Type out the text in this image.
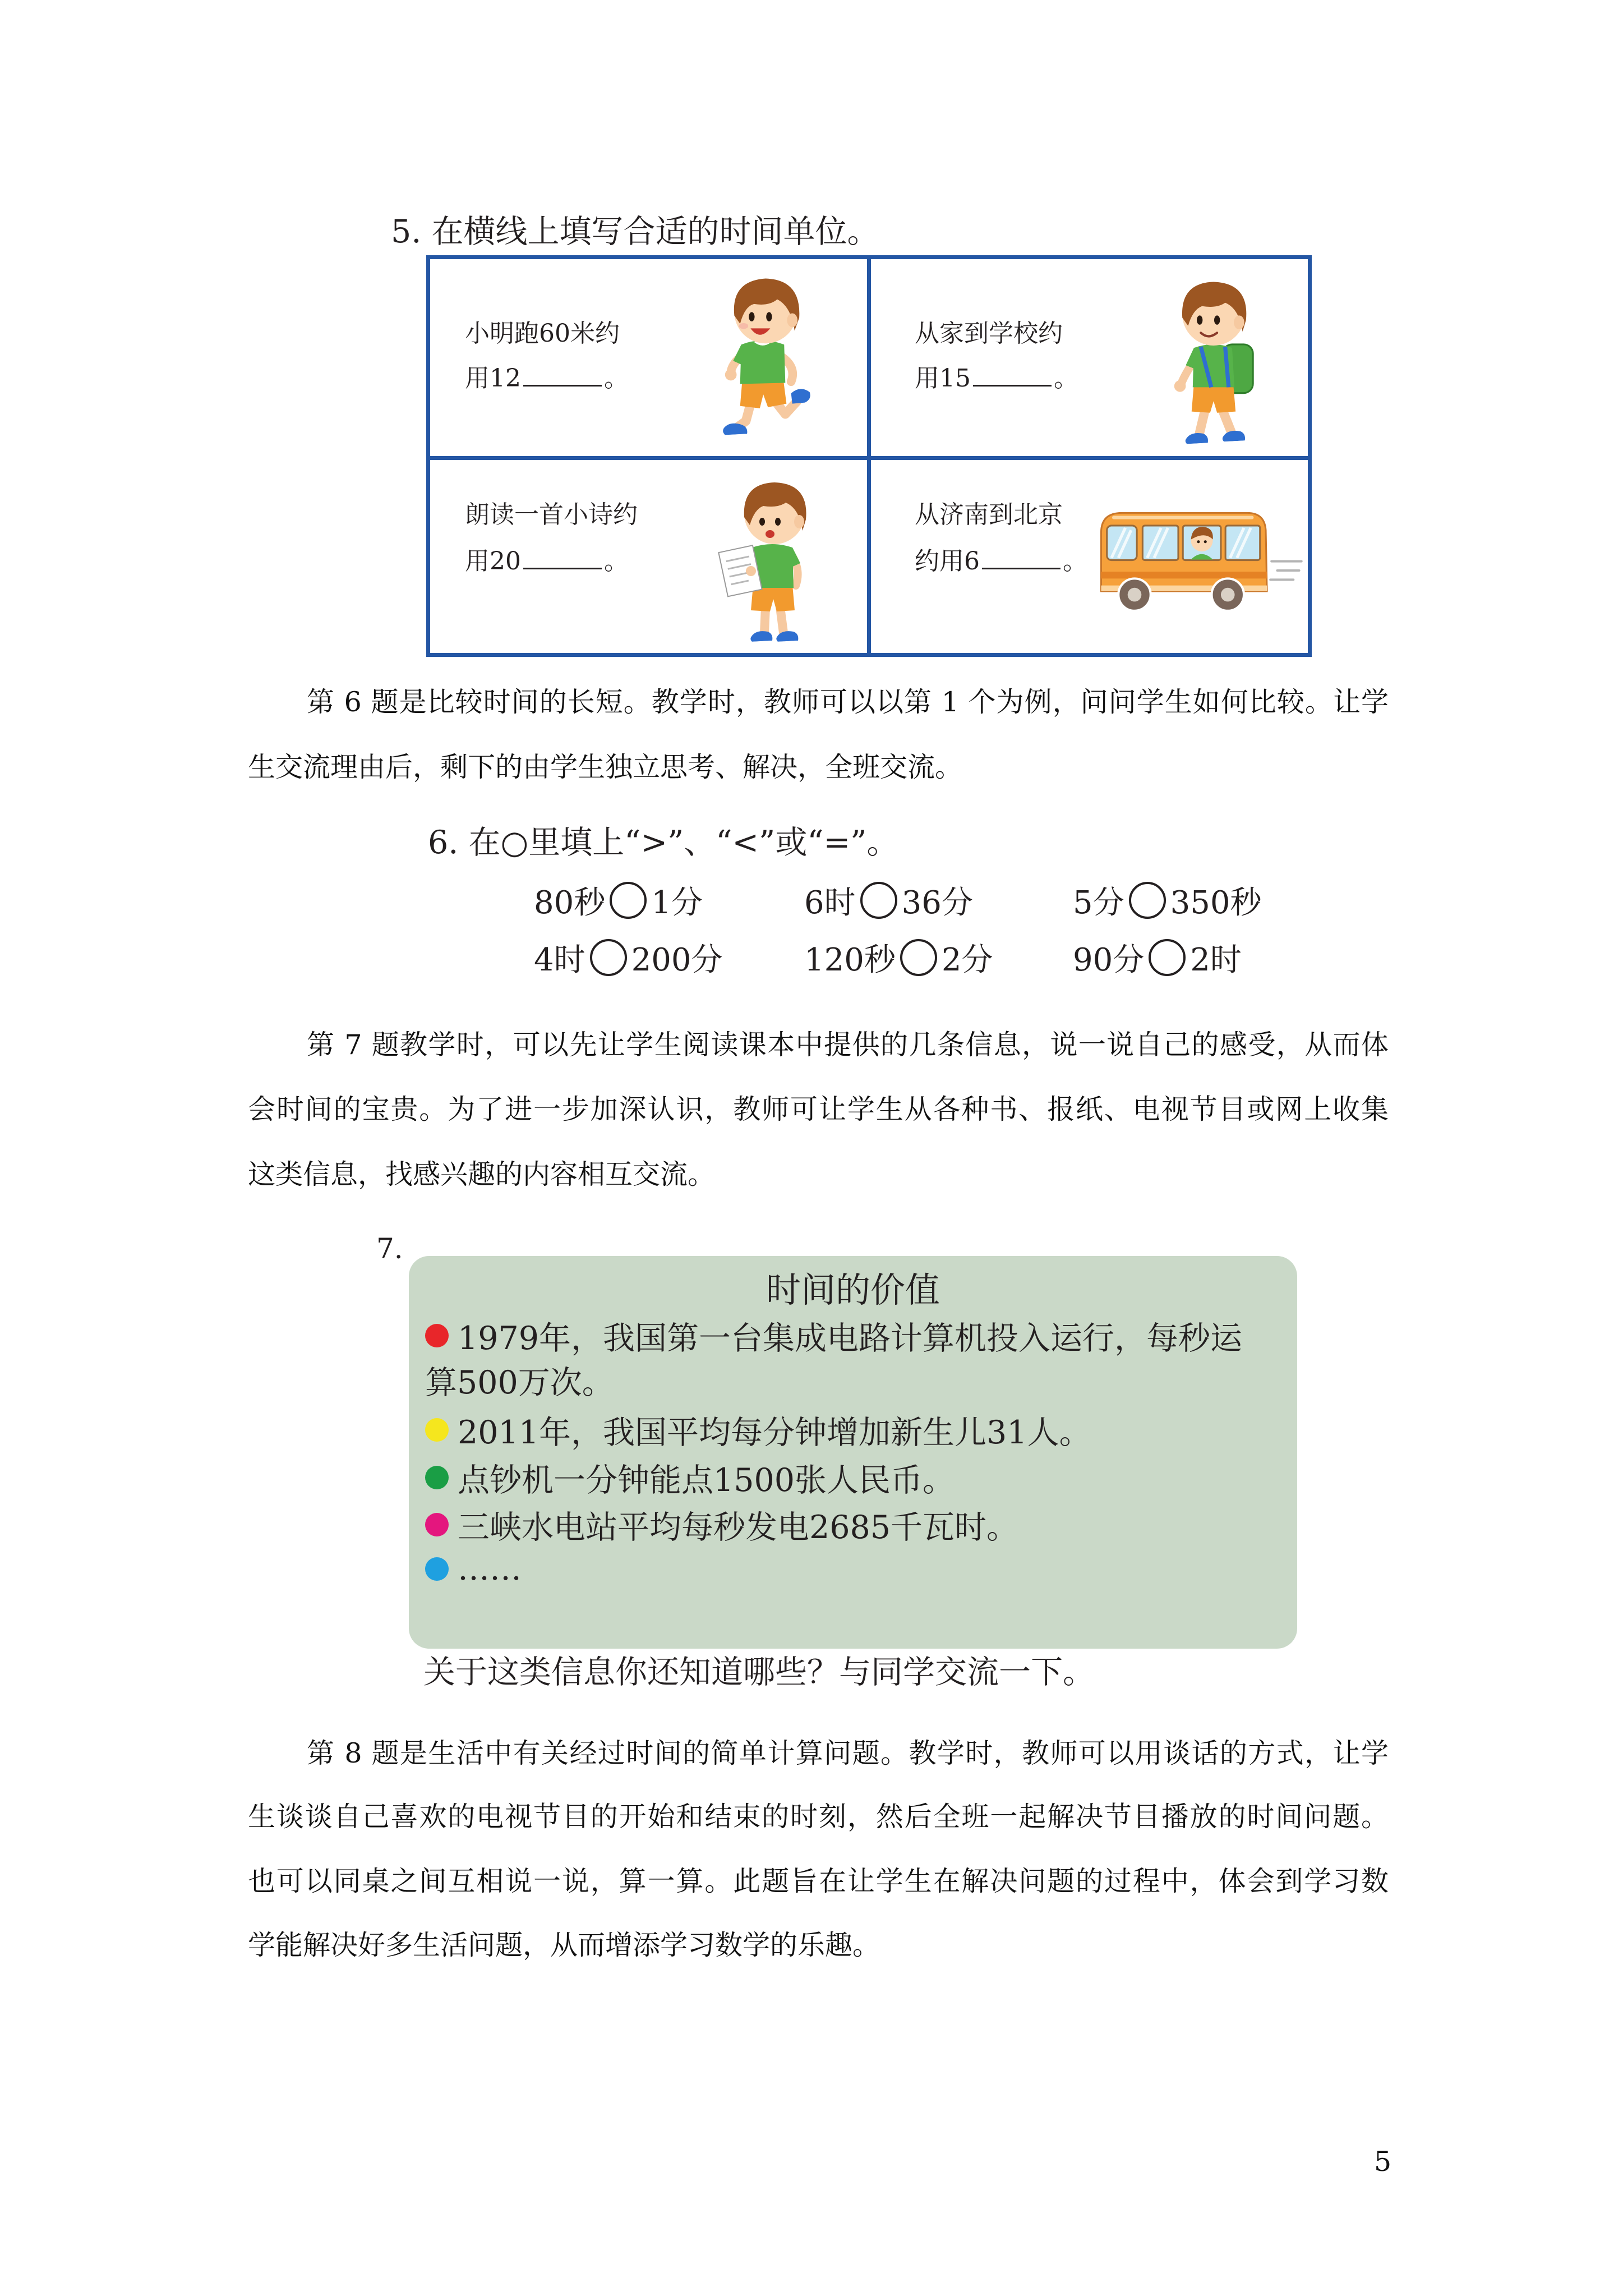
5. 在横线上填写合适的时间单位。
小明跑60米约
用12	。
从家到学校约
用15	。
朗读一首小诗约
用20	。
从济南到北京
约用6	。
第 6 题是比较时间的长短。教学时，教师可以以第 1 个为例，问问学生如何比较。让学
生交流理由后，剩下的由学生独立思考、解决，全班交流。
6. 在○里填上“>”、“<”或“=”。
80秒 1分	6时 36分	5分 350秒
4时 200分	120秒 2分	90分 2时
第 7 题教学时，可以先让学生阅读课本中提供的几条信息，说一说自己的感受，从而体
会时间的宝贵。为了进一步加深认识，教师可让学生从各种书、报纸、电视节目或网上收集
这类信息，找感兴趣的内容相互交流。
7.
时间的价值
1979年，我国第一台集成电路计算机投入运行，每秒运
算500万次。
2011年，我国平均每分钟增加新生儿31人。
点钞机一分钟能点1500张人民币。
三峡水电站平均每秒发电2685千瓦时。
……
关于这类信息你还知道哪些？与同学交流一下。
第 8 题是生活中有关经过时间的简单计算问题。教学时，教师可以用谈话的方式，让学
生谈谈自己喜欢的电视节目的开始和结束的时刻，然后全班一起解决节目播放的时间问题。
也可以同桌之间互相说一说，算一算。此题旨在让学生在解决问题的过程中，体会到学习数
学能解决好多生活问题，从而增添学习数学的乐趣。
5
